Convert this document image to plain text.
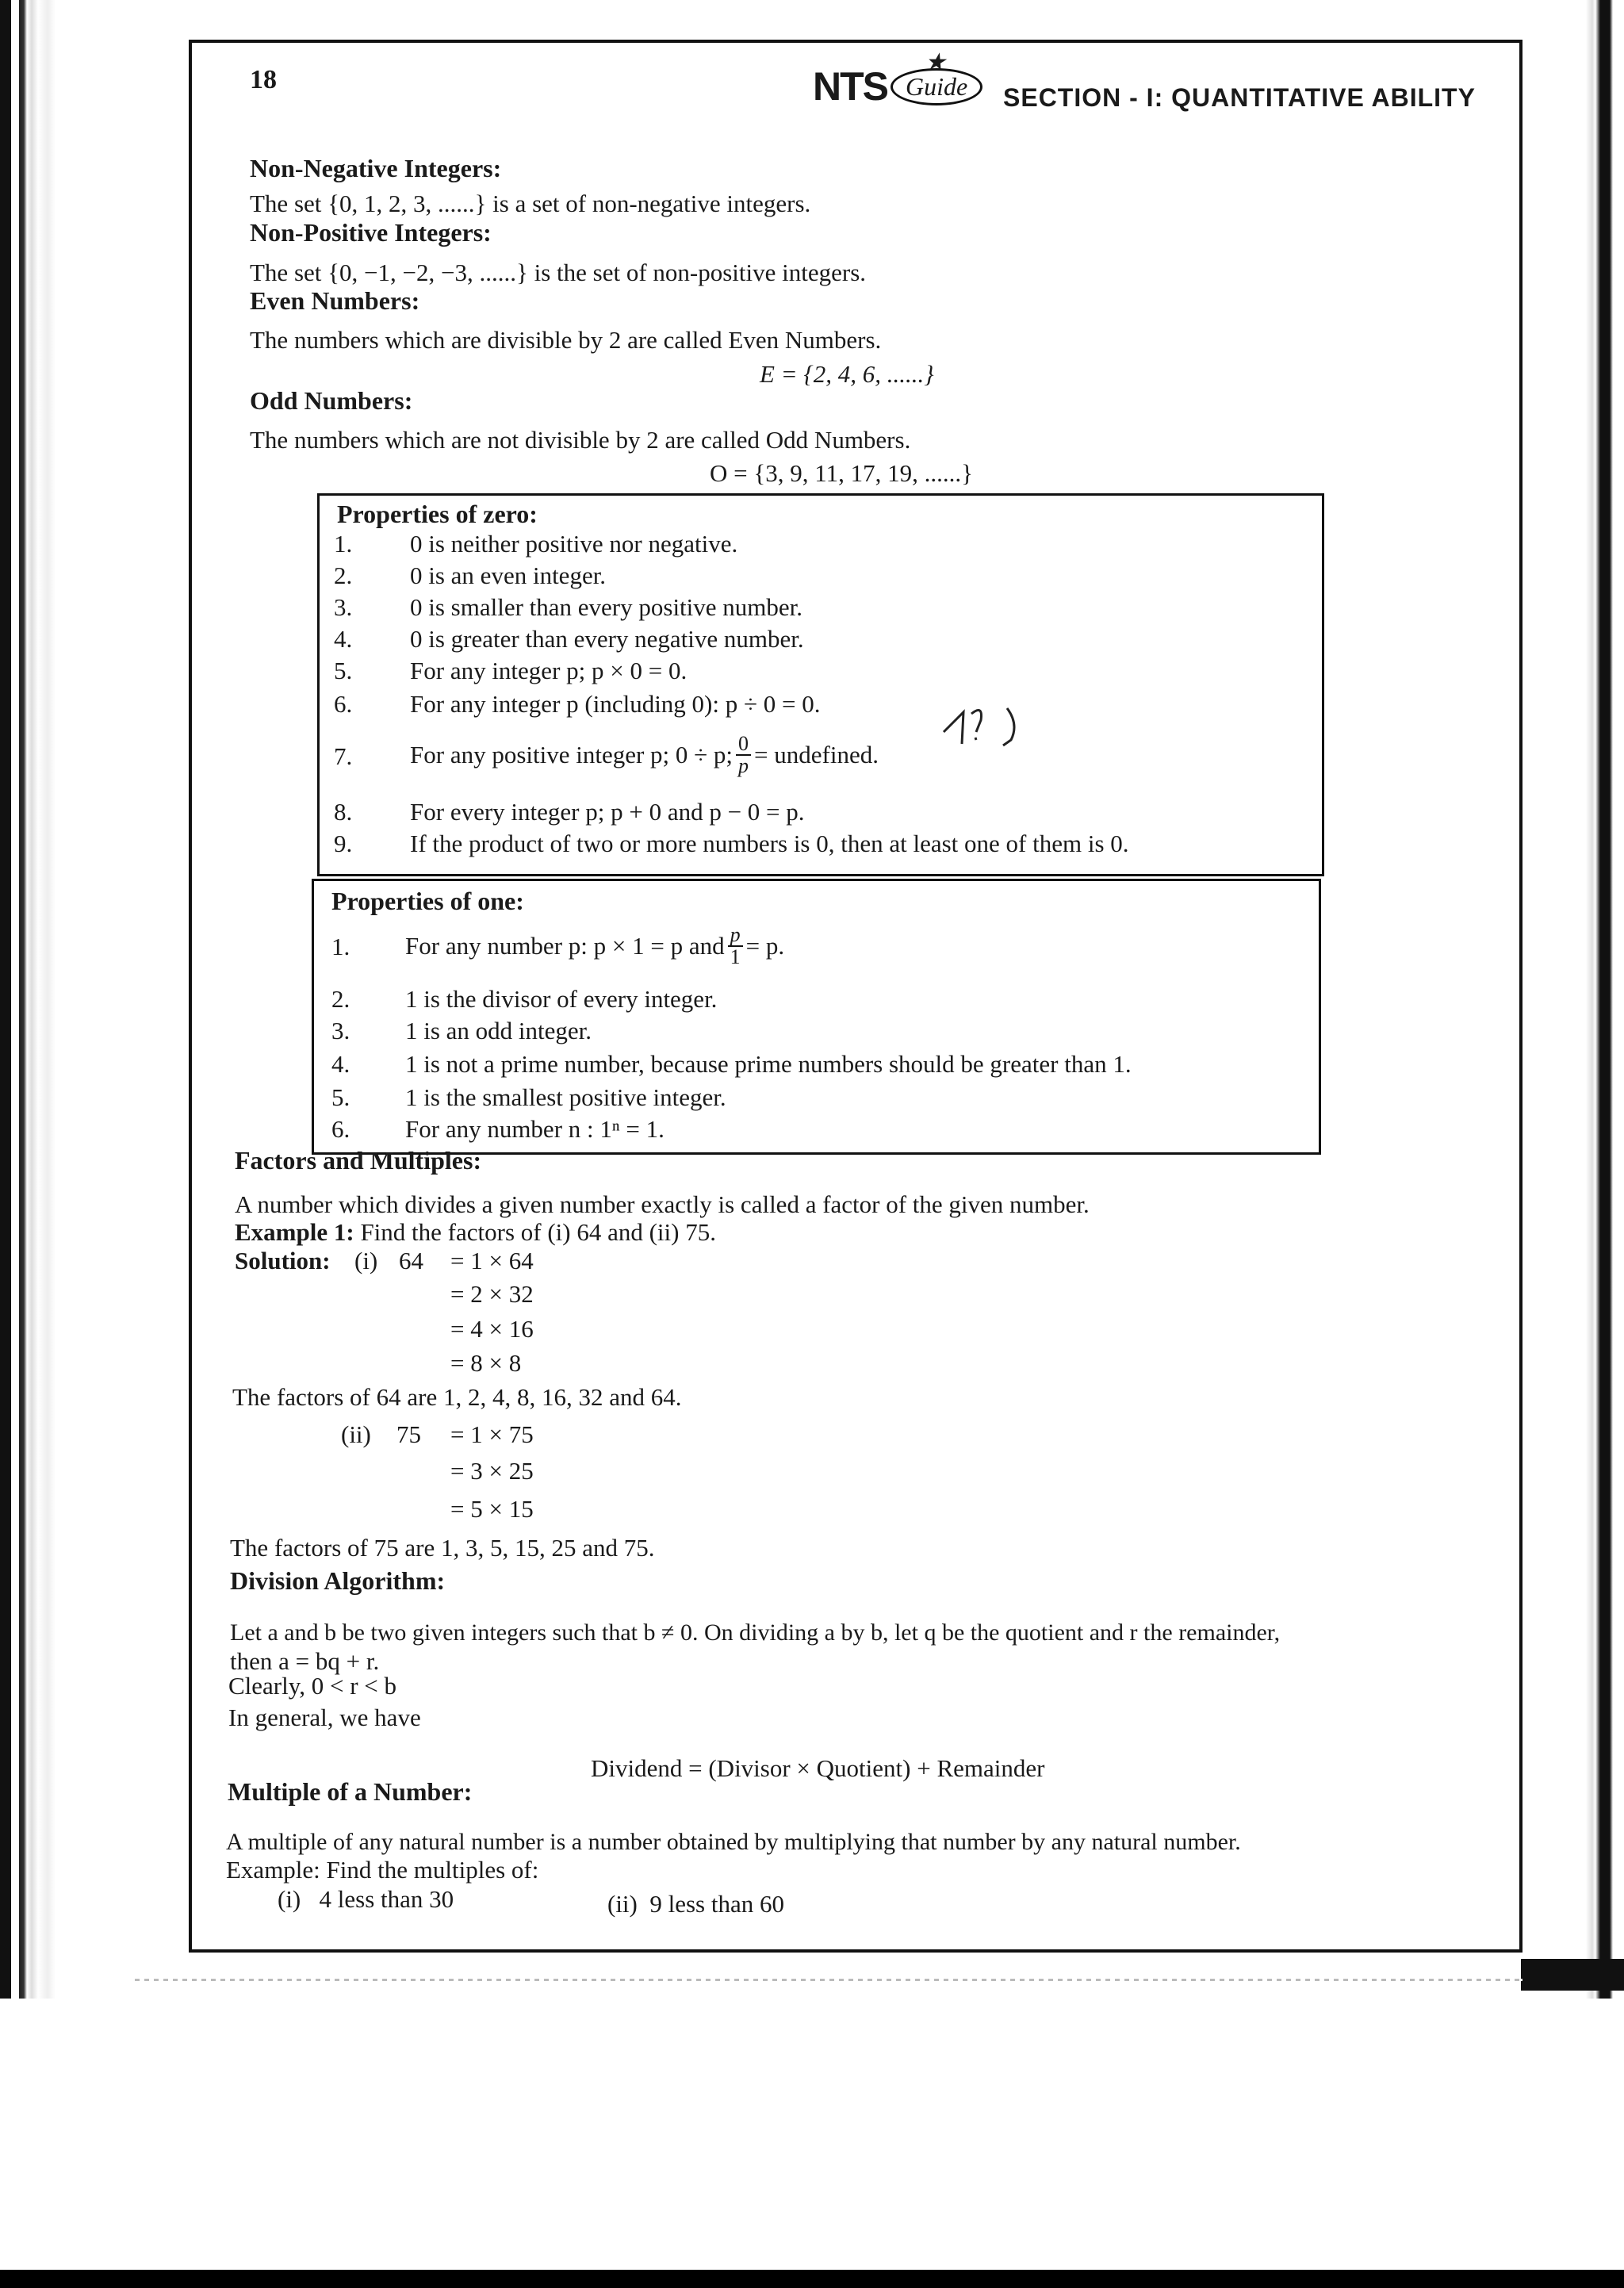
18	NTS
★
Guide	SECTION - I: QUANTITATIVE ABILITY
Non-Negative Integers:
The set {0, 1, 2, 3, ......} is a set of non-negative integers.
Non-Positive Integers:
The set {0, −1, −2, −3, ......} is the set of non-positive integers.
Even Numbers:
The numbers which are divisible by 2 are called Even Numbers.
E = {2, 4, 6, ......}
Odd Numbers:
The numbers which are not divisible by 2 are called Odd Numbers.
O = {3, 9, 11, 17, 19, ......}
Properties of zero:
1. 0 is neither positive nor negative.
2. 0 is an even integer.
3. 0 is smaller than every positive number.
4. 0 is greater than every negative number.
5. For any integer p; p × 0 = 0.
6. For any integer p (including 0): p ÷ 0 = 0.
7. For any positive integer p; 0 ÷ p; $\frac{0}{p}$ = undefined.
8. For every integer p; p + 0 and p − 0 = p.
9. If the product of two or more numbers is 0, then at least one of them is 0.
Properties of one:
1. For any number p: p × 1 = p and $\frac{p}{1} = p$.
2. 1 is the divisor of every integer.
3. 1 is an odd integer.
4. 1 is not a prime number, because prime numbers should be greater than 1.
5. 1 is the smallest positive integer.
6. For any number n : 1ⁿ = 1.
Factors and Multiples:
A number which divides a given number exactly is called a factor of the given number.
Example 1: Find the factors of (i) 64 and (ii) 75.
Solution: (i) 64 = 1 × 64
= 2 × 32
= 4 × 16
= 8 × 8
The factors of 64 are 1, 2, 4, 8, 16, 32 and 64.
(ii) 75 = 1 × 75
= 3 × 25
= 5 × 15
The factors of 75 are 1, 3, 5, 15, 25 and 75.
Division Algorithm:
Let a and b be two given integers such that b ≠ 0. On dividing a by b, let q be the quotient and r the remainder,
then a = bq + r.
Clearly, 0 < r < b
In general, we have
Dividend = (Divisor × Quotient) + Remainder
Multiple of a Number:
A multiple of any natural number is a number obtained by multiplying that number by any natural number.
Example: Find the multiples of:
(i)   4 less than 30	(ii)  9 less than 60
